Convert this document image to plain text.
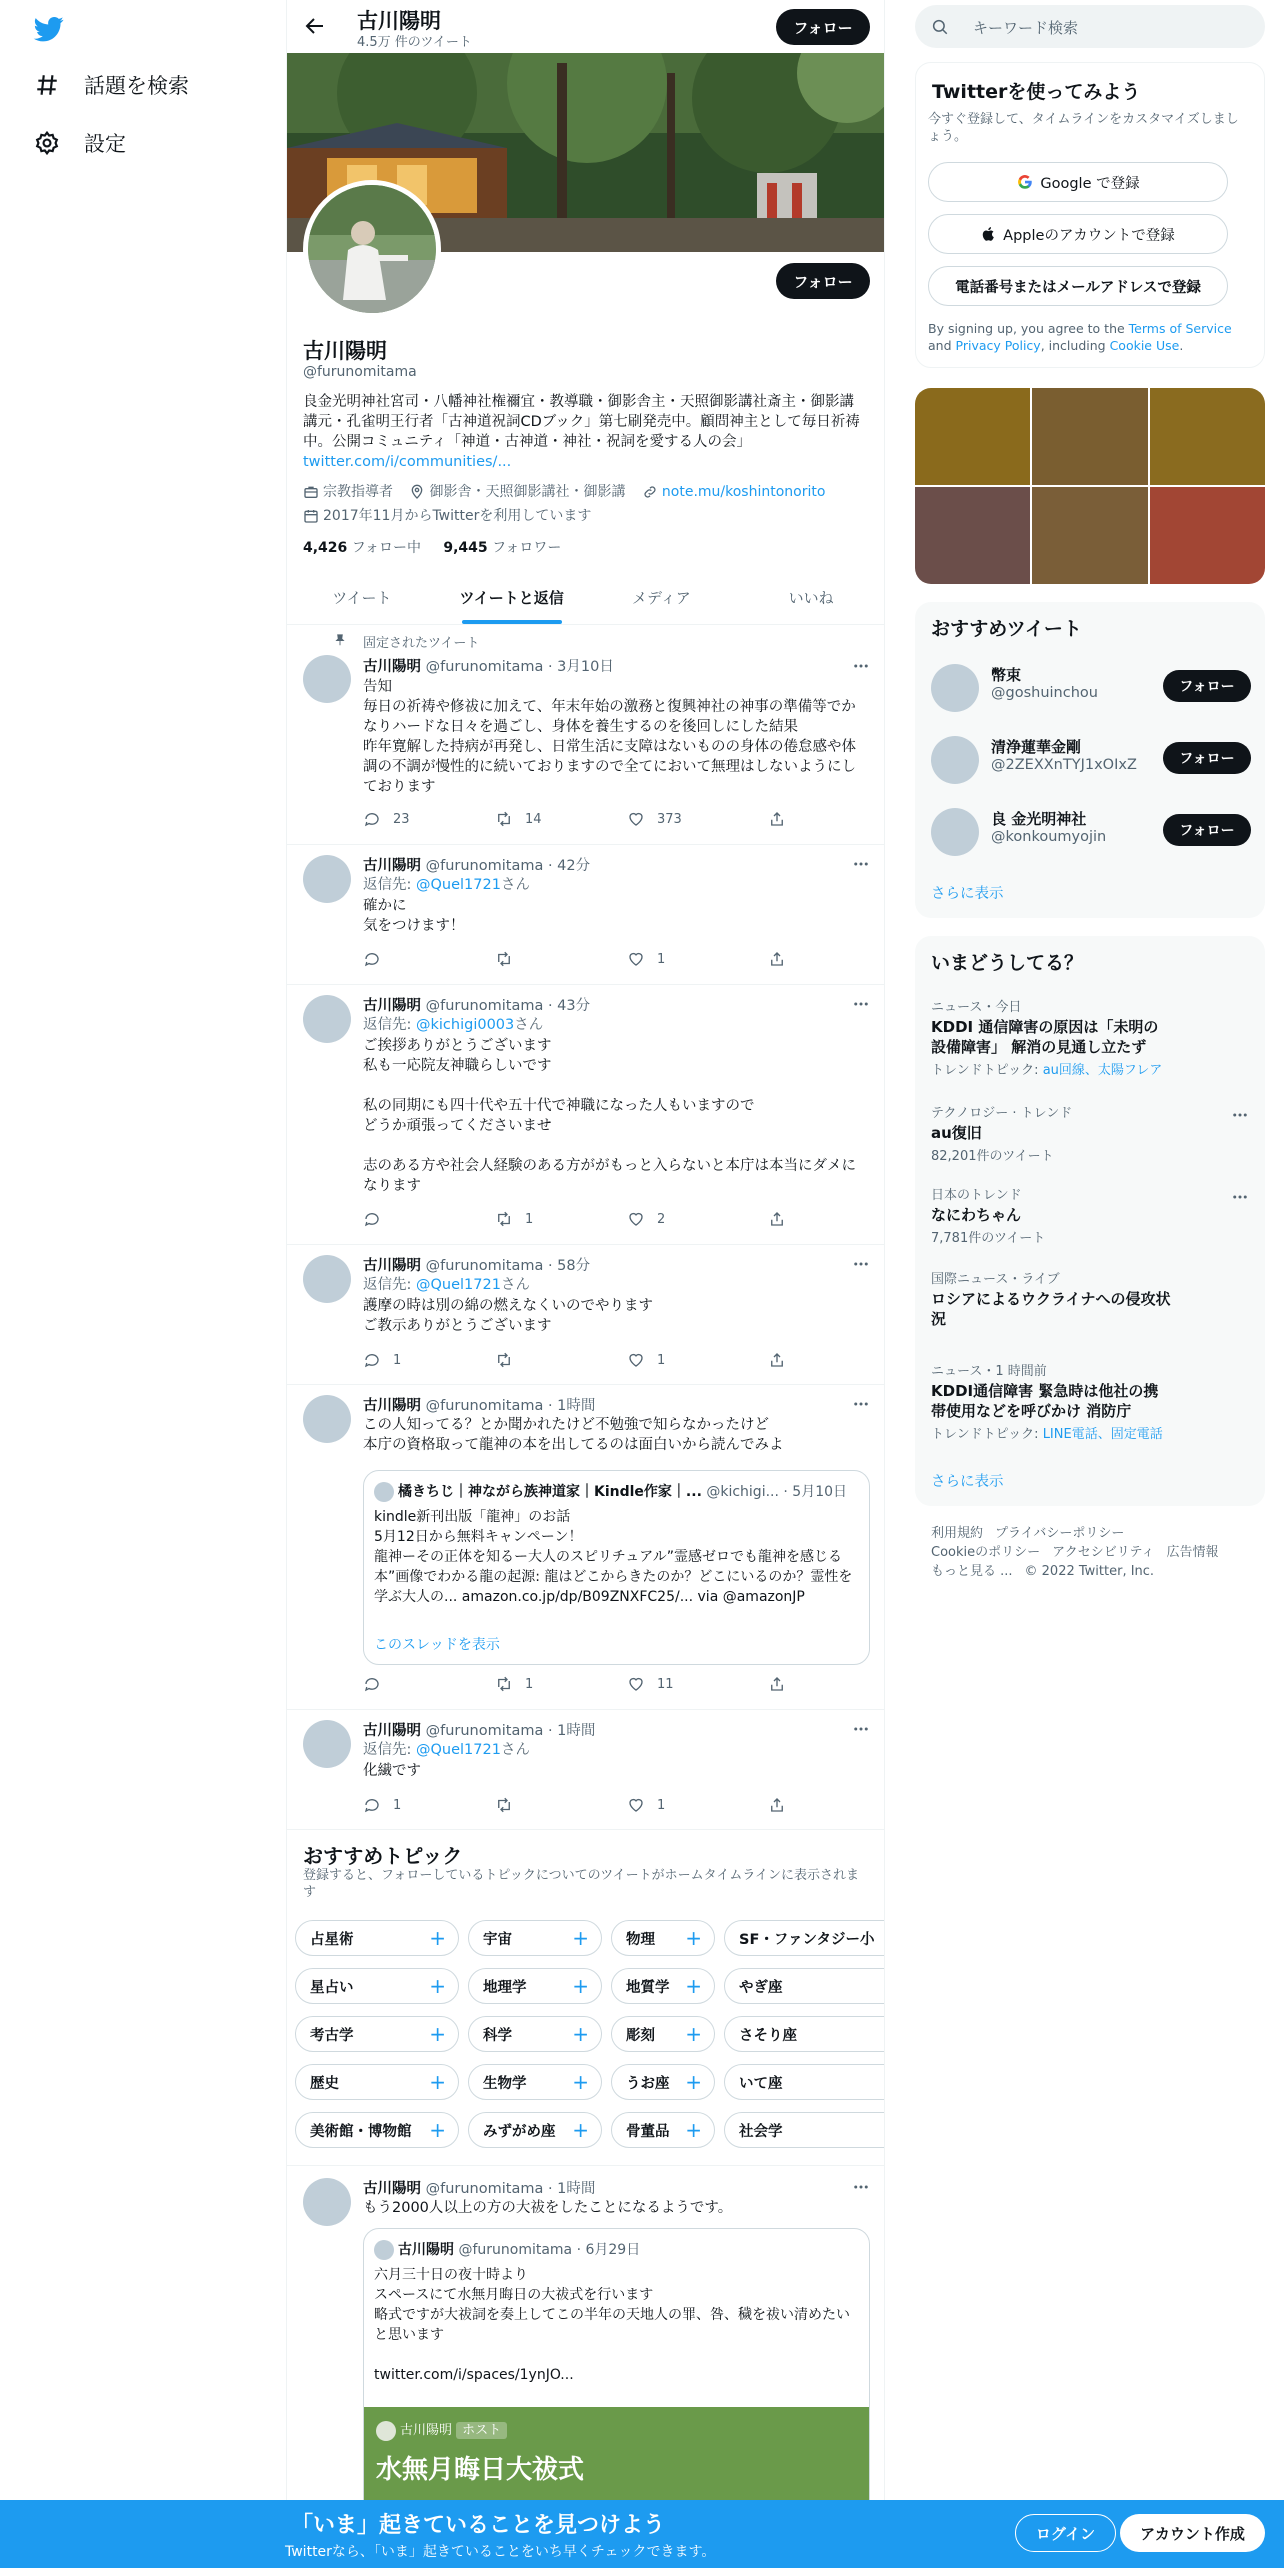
話題を検索
設定
古川陽明
4.5万 件のツイート
フォロー
フォロー
古川陽明
@furunomitama
良金光明神社宮司・八幡神社権禰宜・教導職・御影舎主・天照御影講社斎主・御影講講元・孔雀明王行者「古神道祝詞CDブック」第七刷発売中。顧問神主として毎日祈祷中。公開コミュニティ「神道・古神道・神社・祝詞を愛する人の会」 twitter.com/i/communities/...
宗教指導者
	御影舎・天照御影講社・御影講
	note.mu/koshintonorito
2017年11月からTwitterを利用しています
4,426 フォロー中 9,445 フォロワー
ツイート	ツイートと返信	メディア	いいね
固定されたツイート
古川陽明 @furunomitama · 3月10日
告知
毎日の祈祷や修祓に加えて、年末年始の激務と復興神社の神事の準備等でかなりハードな日々を過ごし、身体を養生するのを後回しにした結果
昨年寛解した持病が再発し、日常生活に支障はないものの身体の倦怠感や体調の不調が慢性的に続いておりますので全てにおいて無理はしないようにしております
23	14	373
古川陽明 @furunomitama · 42分
返信先: @Quel1721さん
確かに
気をつけます！
1
古川陽明 @furunomitama · 43分
返信先: @kichigi0003さん
ご挨拶ありがとうございます
私も一応院友神職らしいです

私の同期にも四十代や五十代で神職になった人もいますので
どうか頑張ってくださいませ

志のある方や社会人経験のある方ががもっと入らないと本庁は本当にダメになります
1	2
古川陽明 @furunomitama · 58分
返信先: @Quel1721さん
護摩の時は別の綿の燃えなくいのでやります
ご教示ありがとうございます
1	1
古川陽明 @furunomitama · 1時間
この人知ってる？とか聞かれたけど不勉強で知らなかったけど
本庁の資格取って龍神の本を出してるのは面白いから読んでみよ
橘きちじ｜神ながら族神道家｜Kindle作家｜... @kichigi... · 5月10日
kindle新刊出版「龍神」のお話
5月12日から無料キャンペーン！
龍神ーその正体を知るー大人のスピリチュアル”霊感ゼロでも龍神を感じる本”画像でわかる龍の起源: 龍はどこからきたのか？どこにいるのか？霊性を学ぶ大人の... amazon.co.jp/dp/B09ZNXFC25/... via @amazonJP
このスレッドを表示
1	11
古川陽明 @furunomitama · 1時間
返信先: @Quel1721さん
化繊です
1	1
おすすめトピック
登録すると、フォローしているトピックについてのツイートがホームタイムラインに表示されます
占星術	+	宇宙	+	物理 +	SF・ファンタジー小
星占い	+	地理学 +	地質学 +	やぎ座
考古学	+	科学	+	彫刻 +	さそり座
歴史	+	生物学 +	うお座 +	いて座
美術館・博物館 +	みずがめ座 +	骨董品 +	社会学
古川陽明 @furunomitama · 1時間
もう2000人以上の方の大祓をしたことになるようです。
古川陽明 @furunomitama · 6月29日
六月三十日の夜十時より
スペースにて水無月晦日の大祓式を行います
略式ですが大祓詞を奏上してこの半年の天地人の罪、咎、穢を祓い清めたいと思います

twitter.com/i/spaces/1ynJO...
古川陽明 ホスト
水無月晦日大祓式
キーワード検索
Twitterを使ってみよう
今すぐ登録して、タイムラインをカスタマイズしましょう。
Google で登録
Appleのアカウントで登録
電話番号またはメールアドレスで登録
By signing up, you agree to the Terms of Service and Privacy Policy, including Cookie Use.
おすすめツイート
幣束
@goshuinchou	フォロー
清浄蓮華金剛
@2ZEXXnTYJ1xOIxZ	フォロー
良 金光明神社
@konkoumyojin	フォロー
さらに表示
いまどうしてる？
ニュース・今日
KDDI 通信障害の原因は「未明の設備障害」 解消の見通し立たず
トレンドトピック: au回線、太陽フレア
テクノロジー · トレンド
au復旧
82,201件のツイート
日本のトレンド
なにわちゃん
7,781件のツイート
国際ニュース・ライブ
ロシアによるウクライナへの侵攻状況
ニュース・1 時間前
KDDI通信障害 緊急時は他社の携帯使用などを呼びかけ 消防庁
トレンドトピック: LINE電話、固定電話
さらに表示
利用規約 プライバシーポリシー
Cookieのポリシー アクセシビリティ 広告情報
もっと見る ... © 2022 Twitter, Inc.
「いま」起きていることを見つけよう
Twitterなら、「いま」起きていることをいち早くチェックできます。
ログイン	アカウント作成
